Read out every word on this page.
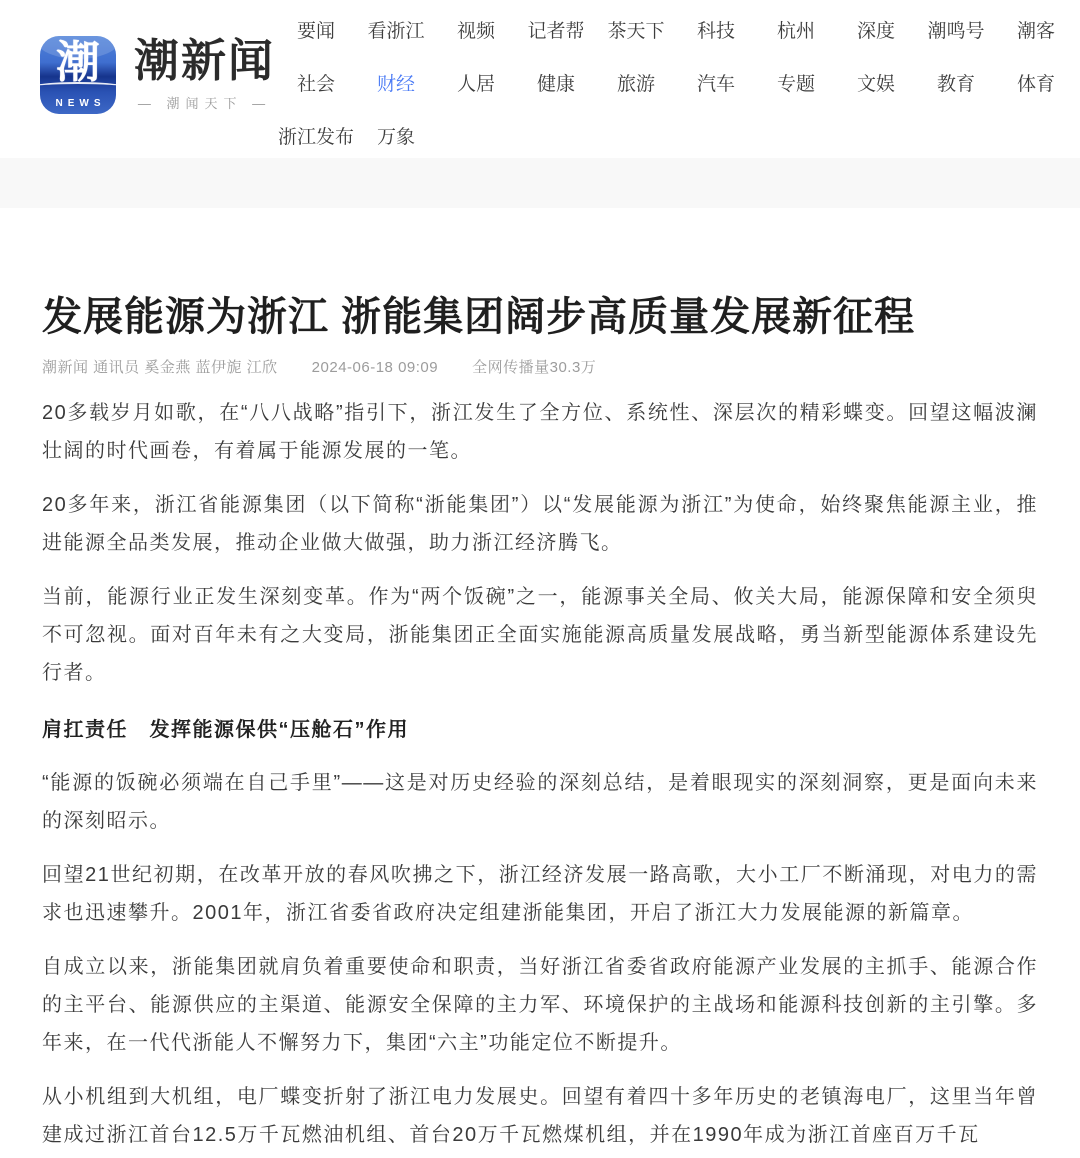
潮
NEWS
潮新闻
— 潮闻天下 —
要闻	看浙江	视频	记者帮	茶天下	科技	杭州	深度	潮鸣号	潮客
社会	财经	人居	健康	旅游	汽车	专题	文娱	教育	体育
浙江发布	万象
发展能源为浙江 浙能集团阔步高质量发展新征程
潮新闻 通讯员 奚金燕 蓝伊旎 江欣 2024-06-18 09:09 全网传播量30.3万

20多载岁月如歌，在“八八战略”指引下，浙江发生了全方位、系统性、深层次的精彩蝶变。回望这幅波澜壮阔的时代画卷，有着属于能源发展的一笔。

20多年来，浙江省能源集团（以下简称“浙能集团”）以“发展能源为浙江”为使命，始终聚焦能源主业，推进能源全品类发展，推动企业做大做强，助力浙江经济腾飞。

当前，能源行业正发生深刻变革。作为“两个饭碗”之一，能源事关全局、攸关大局，能源保障和安全须臾不可忽视。面对百年未有之大变局，浙能集团正全面实施能源高质量发展战略，勇当新型能源体系建设先行者。

肩扛责任　发挥能源保供“压舱石”作用

“能源的饭碗必须端在自己手里”——这是对历史经验的深刻总结，是着眼现实的深刻洞察，更是面向未来的深刻昭示。

回望21世纪初期，在改革开放的春风吹拂之下，浙江经济发展一路高歌，大小工厂不断涌现，对电力的需求也迅速攀升。2001年，浙江省委省政府决定组建浙能集团，开启了浙江大力发展能源的新篇章。

自成立以来，浙能集团就肩负着重要使命和职责，当好浙江省委省政府能源产业发展的主抓手、能源合作的主平台、能源供应的主渠道、能源安全保障的主力军、环境保护的主战场和能源科技创新的主引擎。多年来，在一代代浙能人不懈努力下，集团“六主”功能定位不断提升。

从小机组到大机组，电厂蝶变折射了浙江电力发展史。回望有着四十多年历史的老镇海电厂，这里当年曾建成过浙江首台12.5万千瓦燃油机组、首台20万千瓦燃煤机组，并在1990年成为浙江首座百万千瓦
